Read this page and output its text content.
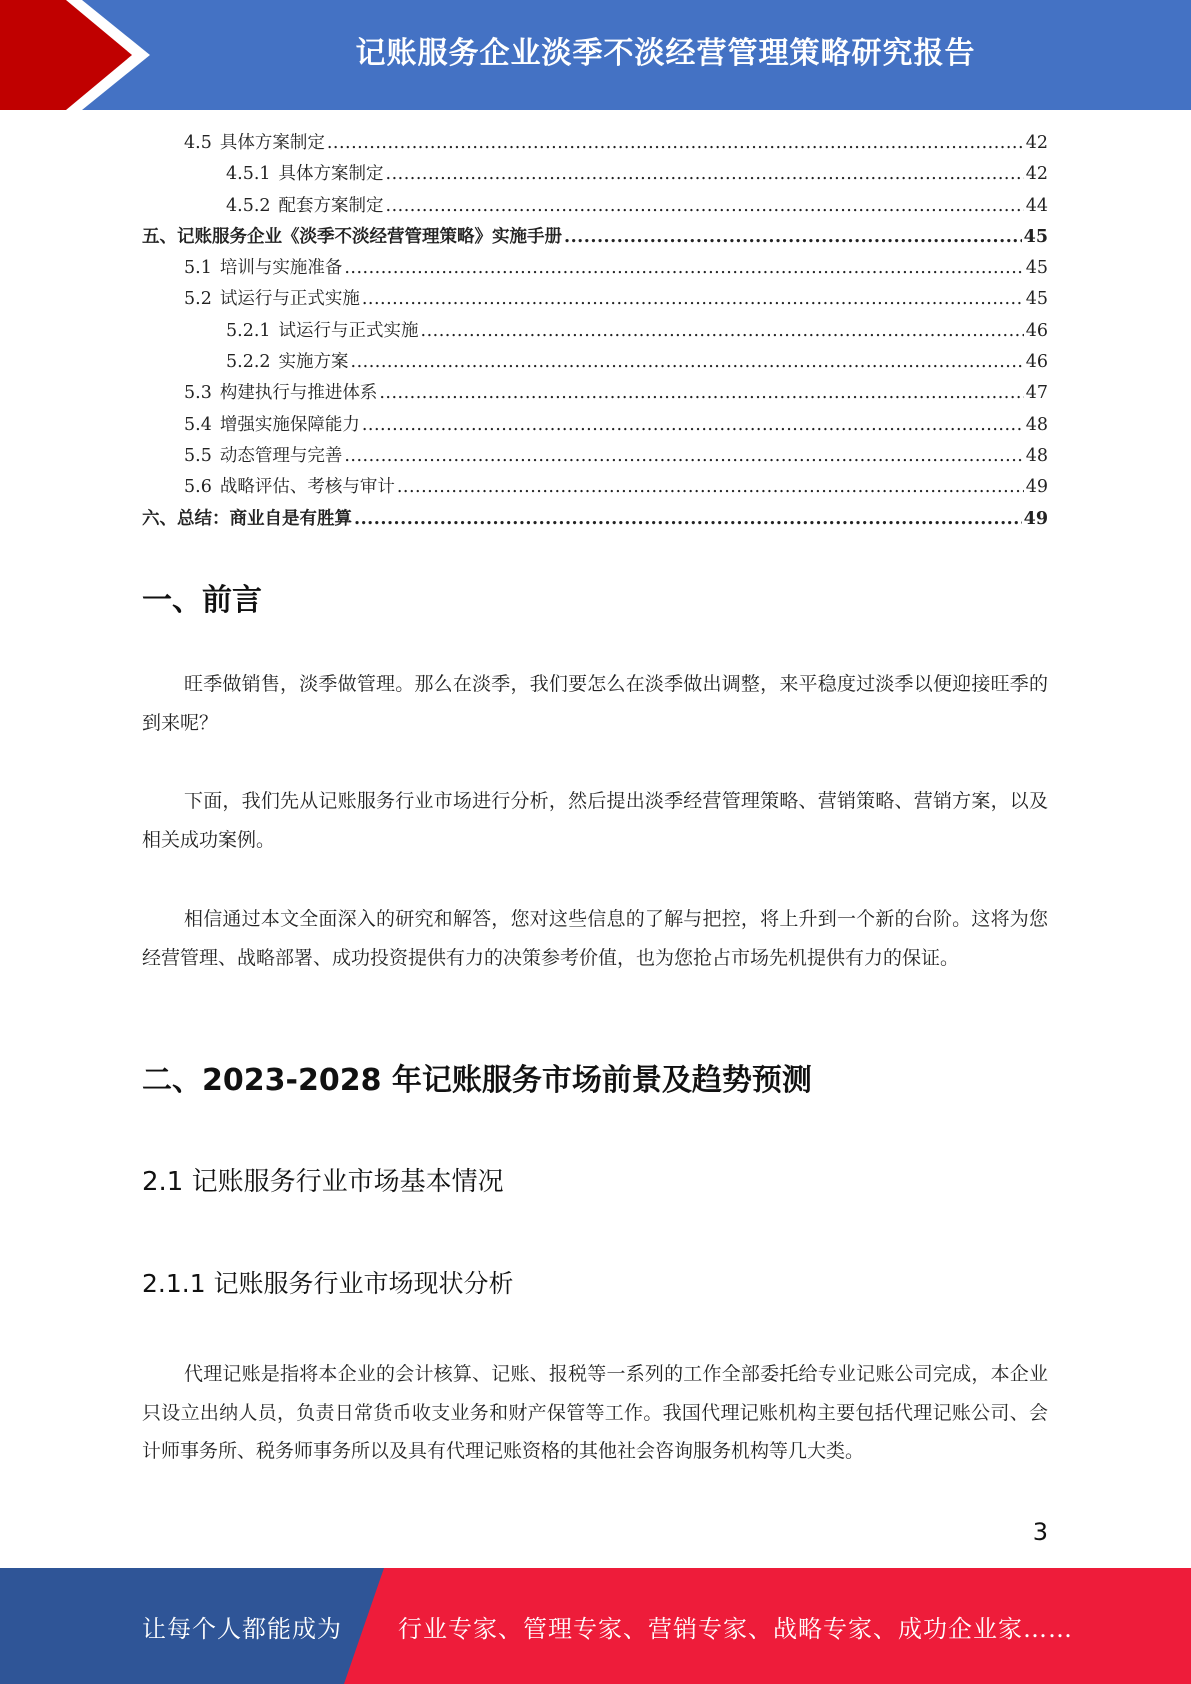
记账服务企业淡季不淡经营管理策略研究报告
4.5 具体方案制定 .....	42
4.5.1 具体方案制定 .....	42
4.5.2 配套方案制定 .....	44
五、记账服务企业《淡季不淡经营管理策略》实施手册 .....	45
5.1 培训与实施准备 .....	45
5.2 试运行与正式实施 .....	45
5.2.1 试运行与正式实施 .....	46
5.2.2 实施方案 .....	46
5.3 构建执行与推进体系 .....	47
5.4 增强实施保障能力 .....	48
5.5 动态管理与完善 .....	48
5.6 战略评估、考核与审计 .....	49
六、总结：商业自是有胜算 .....	49
一、前言

旺季做销售，淡季做管理。那么在淡季，我们要怎么在淡季做出调整，来平稳度过淡季以便迎接旺季的到来呢？

下面，我们先从记账服务行业市场进行分析，然后提出淡季经营管理策略、营销策略、营销方案，以及相关成功案例。

相信通过本文全面深入的研究和解答，您对这些信息的了解与把控，将上升到一个新的台阶。这将为您经营管理、战略部署、成功投资提供有力的决策参考价值，也为您抢占市场先机提供有力的保证。

二、2023-2028 年记账服务市场前景及趋势预测
2.1 记账服务行业市场基本情况
2.1.1 记账服务行业市场现状分析

代理记账是指将本企业的会计核算、记账、报税等一系列的工作全部委托给专业记账公司完成，本企业只设立出纳人员，负责日常货币收支业务和财产保管等工作。我国代理记账机构主要包括代理记账公司、会计师事务所、税务师事务所以及具有代理记账资格的其他社会咨询服务机构等几大类。

3
让每个人都能成为 行业专家、管理专家、营销专家、战略专家、成功企业家……
